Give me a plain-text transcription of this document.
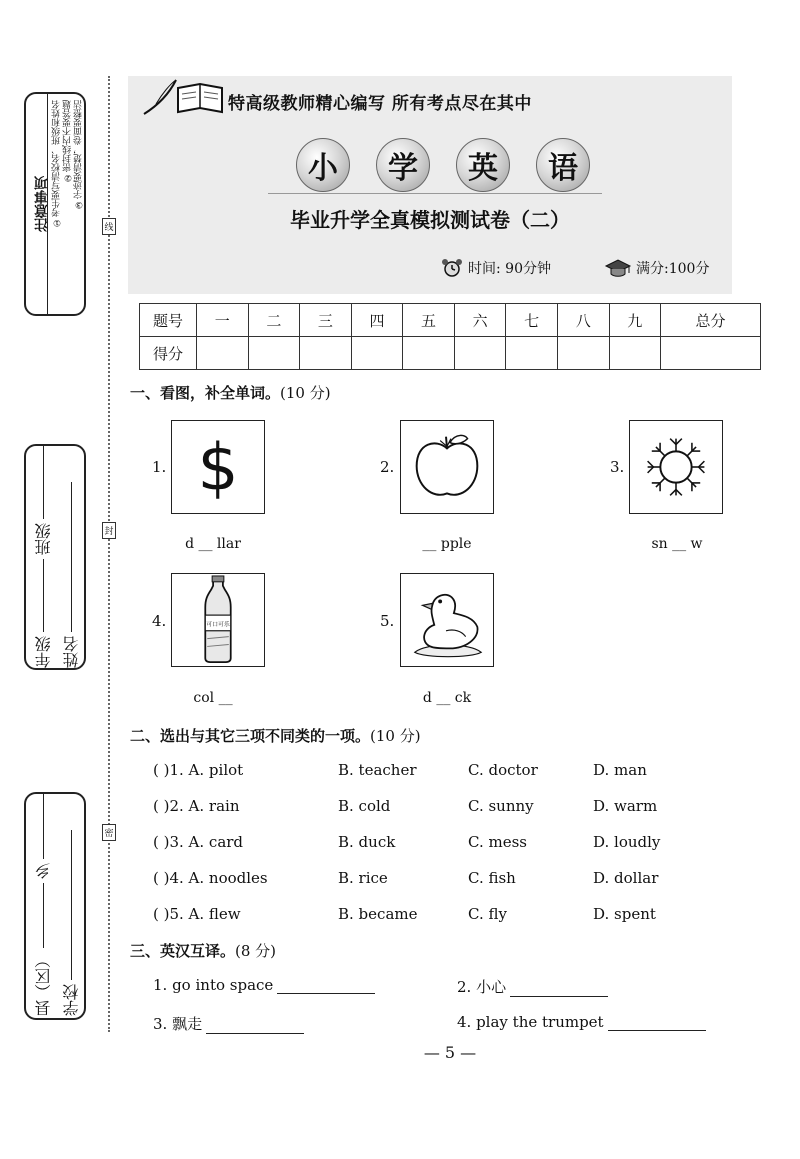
线
封
密
注意事项 ①考生要写清校名、班级和姓名 ②密封线内不要答题 ③字迹要清楚，卷面要整洁
年级
班级
姓名
县（区）
乡
学校
特高级教师精心编写 所有考点尽在其中
小	学	英	语
毕业升学全真模拟测试卷（二）
时间: 90分钟	满分:100分
题号	一	二	三	四	五	六	七	八	九	总分
得分										
一、看图，补全单词。(10 分)
1. $
d __ llar
2.
__ pple
3.
sn __ w
4.	可口可乐
col __
5.
d __ ck
二、选出与其它三项不同类的一项。(10 分)
( )1. A. pilot	B. teacher	C. doctor	D. man
( )2. A. rain	B. cold	C. sunny	D. warm
( )3. A. card	B. duck	C. mess	D. loudly
( )4. A. noodles	B. rice	C. fish	D. dollar
( )5. A. flew	B. became	C. fly	D. spent
三、英汉互译。(8 分)
1. go into space	2. 小心
3. 飘走	4. play the trumpet
— 5 —
